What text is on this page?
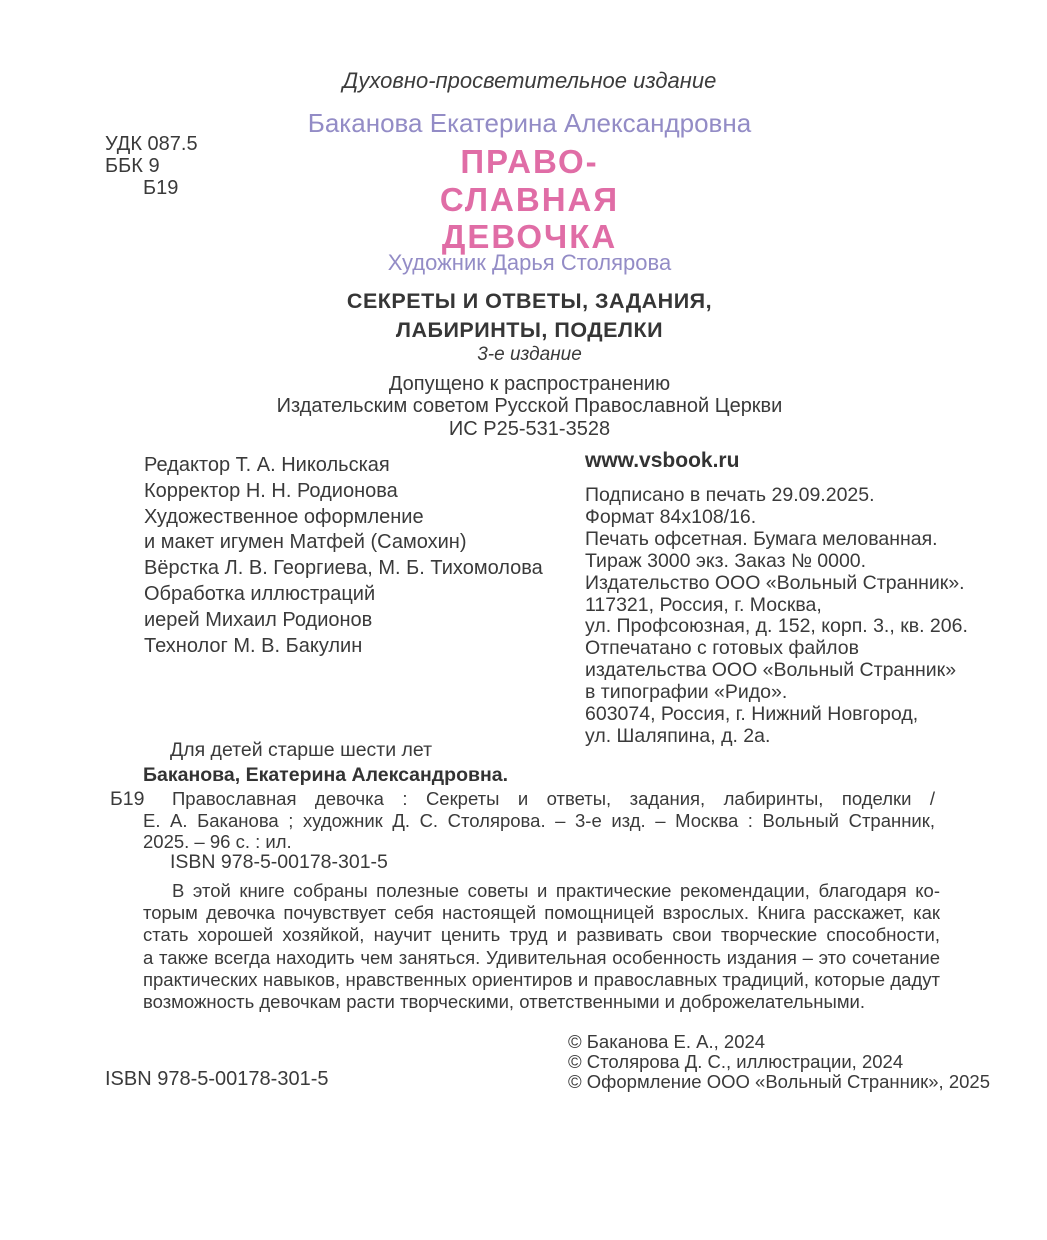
Духовно-просветительное издание
УДК 087.5
ББК 9
Б19
Баканова Екатерина Александровна
ПРАВО-
СЛАВНАЯ
ДЕВОЧКА
Художник Дарья Столярова
СЕКРЕТЫ И ОТВЕТЫ, ЗАДАНИЯ,
ЛАБИРИНТЫ, ПОДЕЛКИ
3-е издание
Допущено к распространению
Издательским советом Русской Православной Церкви
ИС Р25-531-3528
Редактор Т. А. Никольская
Корректор Н. Н. Родионова
Художественное оформление
и макет игумен Матфей (Самохин)
Вёрстка Л. В. Георгиева, М. Б. Тихомолова
Обработка иллюстраций
иерей Михаил Родионов
Технолог М. В. Бакулин
www.vsbook.ru
Подписано в печать 29.09.2025.
Формат 84х108/16.
Печать офсетная. Бумага мелованная.
Тираж 3000 экз. Заказ № 0000.
Издательство ООО «Вольный Странник».
117321, Россия, г. Москва,
ул. Профсоюзная, д. 152, корп. 3., кв. 206.
Отпечатано с готовых файлов
издательства ООО «Вольный Странник»
в типографии «Ридо».
603074, Россия, г. Нижний Новгород,
ул. Шаляпина, д. 2а.
Для детей старше шести лет
Баканова, Екатерина Александровна.
Б19	Православная девочка : Секреты и ответы, задания, лабиринты, поделки /
Е. А. Баканова ; художник Д. С. Столярова. – 3-е изд. – Москва : Вольный Странник,
2025. – 96 с. : ил.
ISBN 978-5-00178-301-5
В этой книге собраны полезные советы и практические рекомендации, благодаря ко-
торым девочка почувствует себя настоящей помощницей взрослых. Книга расскажет, как
стать хорошей хозяйкой, научит ценить труд и развивать свои творческие способности,
а также всегда находить чем заняться. Удивительная особенность издания – это сочетание
практических навыков, нравственных ориентиров и православных традиций, которые дадут
возможность девочкам расти творческими, ответственными и доброжелательными.
© Баканова Е. А., 2024
© Столярова Д. С., иллюстрации, 2024
© Оформление ООО «Вольный Странник», 2025
ISBN 978-5-00178-301-5
